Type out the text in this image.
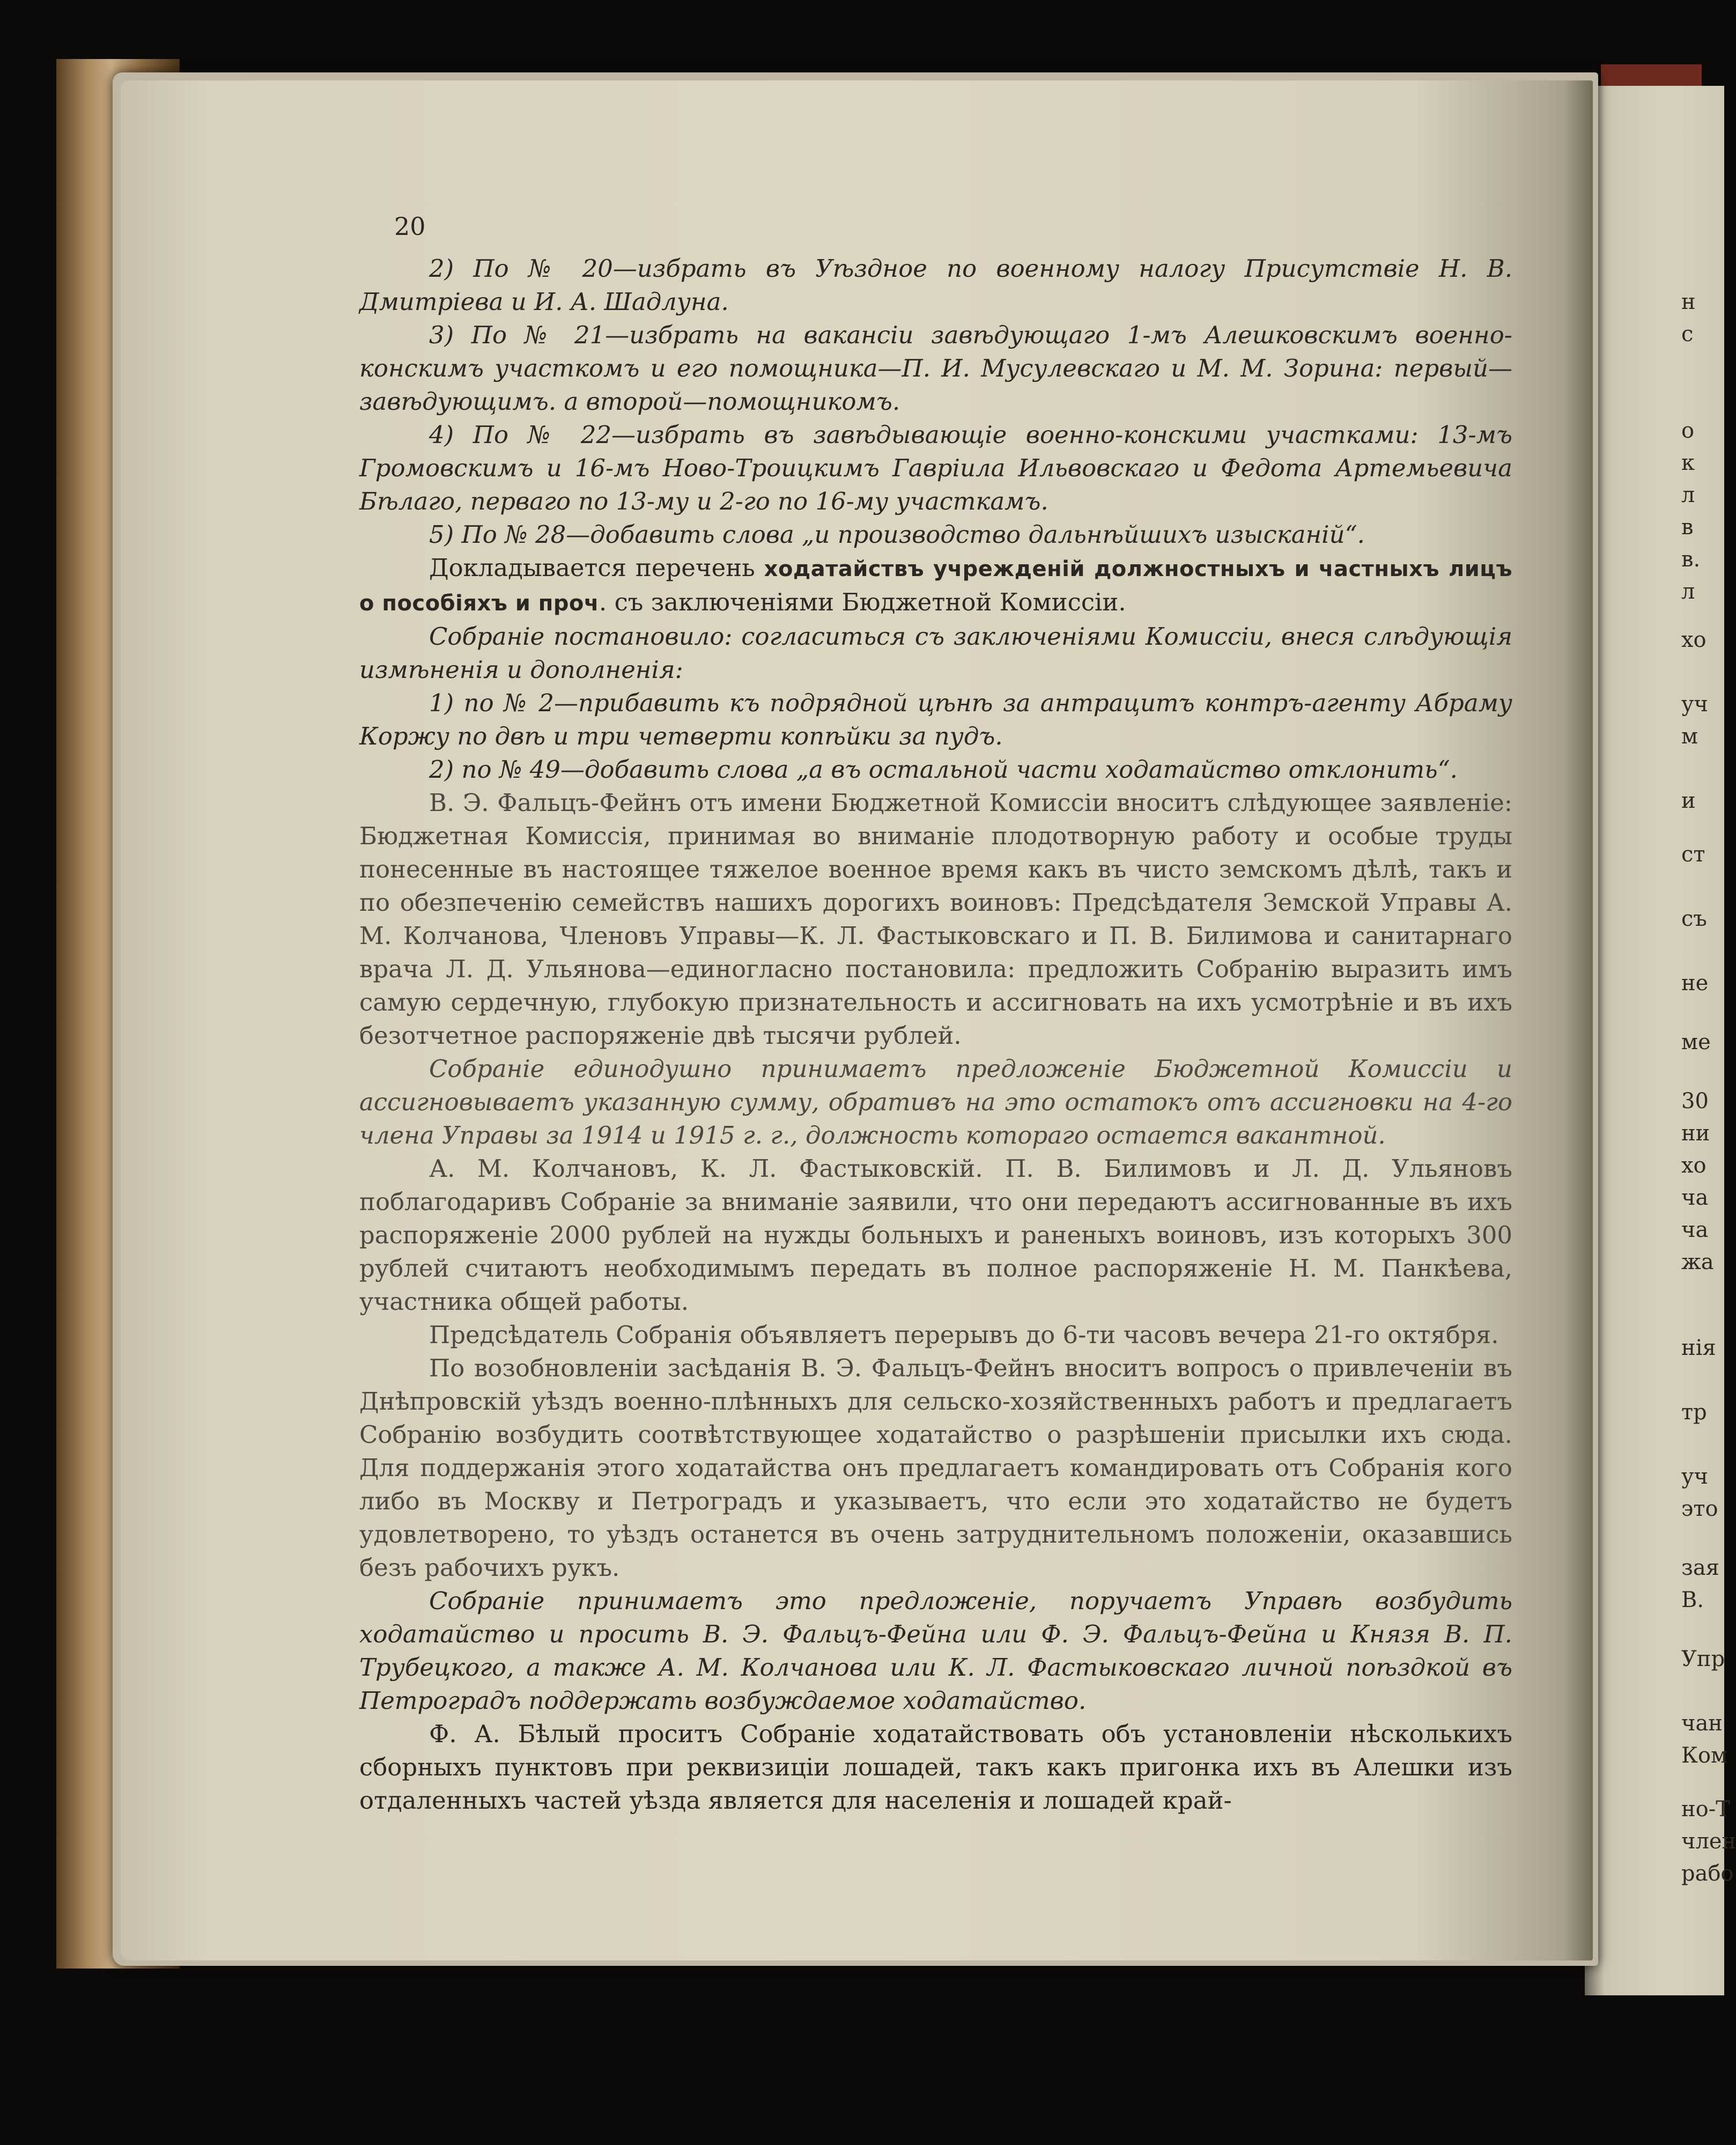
20

2) По № 20—избрать въ Уѣздное по военному налогу Присутствіе Н. В. Дмитріева и И. А. Шадлуна.

3) По № 21—избрать на вакансіи завѣдующаго 1-мъ Алешковскимъ военно-конскимъ участкомъ и его помощника—П. И. Мусулевскаго и М. М. Зорина: первый—завѣдующимъ. а второй—помощникомъ.

4) По № 22—избрать въ завѣдывающіе военно-конскими участками: 13-мъ Громовскимъ и 16-мъ Ново-Троицкимъ Гавріила Ильвовскаго и Федота Артемьевича Бѣлаго, перваго по 13-му и 2-го по 16-му участкамъ.

5) По № 28—добавить слова „и производство дальнѣйшихъ изысканій“.

Докладывается перечень ходатайствъ учрежденій должностныхъ и частныхъ лицъ о пособіяхъ и проч. съ заключеніями Бюджетной Комиссіи.

Собраніе постановило: согласиться съ заключеніями Комиссіи, внеся слѣдующія измѣненія и дополненія:

1) по № 2—прибавить къ подрядной цѣнѣ за антрацитъ контръ-агенту Абраму Коржу по двѣ и три четверти копѣйки за пудъ.

2) по № 49—добавить слова „а въ остальной части ходатайство отклонить“.

В. Э. Фальцъ-Фейнъ отъ имени Бюджетной Комиссіи вноситъ слѣдующее заявленіе: Бюджетная Комиссія, принимая во вниманіе плодотворную работу и особые труды понесенные въ настоящее тяжелое военное время какъ въ чисто земскомъ дѣлѣ, такъ и по обезпеченію семействъ нашихъ дорогихъ воиновъ: Предсѣдателя Земской Управы А. М. Колчанова, Членовъ Управы—К. Л. Фастыковскаго и П. В. Билимова и санитарнаго врача Л. Д. Ульянова—единогласно постановила: предложить Собранію выразить имъ самую сердечную, глубокую признательность и ассигновать на ихъ усмотрѣніе и въ ихъ безотчетное распоряженіе двѣ тысячи рублей.

Собраніе единодушно принимаетъ предложеніе Бюджетной Комиссіи и ассигновываетъ указанную сумму, обративъ на это остатокъ отъ ассигновки на 4-го члена Управы за 1914 и 1915 г. г., должность котораго остается вакантной.

А. М. Колчановъ, К. Л. Фастыковскій. П. В. Билимовъ и Л. Д. Ульяновъ поблагодаривъ Собраніе за вниманіе заявили, что они передаютъ ассигнованные въ ихъ распоряженіе 2000 рублей на нужды больныхъ и раненыхъ воиновъ, изъ которыхъ 300 рублей считаютъ необходимымъ передать въ полное распоряженіе Н. М. Панкѣева, участника общей работы.

Предсѣдатель Собранія объявляетъ перерывъ до 6-ти часовъ вечера 21-го октября.

По возобновленіи засѣданія В. Э. Фальцъ-Фейнъ вноситъ вопросъ о привлеченіи въ Днѣпровскій уѣздъ военно-плѣнныхъ для сельско-хозяйственныхъ работъ и предлагаетъ Собранію возбудить соотвѣтствующее ходатайство о разрѣшеніи присылки ихъ сюда. Для поддержанія этого ходатайства онъ предлагаетъ командировать отъ Собранія кого либо въ Москву и Петроградъ и указываетъ, что если это ходатайство не будетъ удовлетворено, то уѣздъ останется въ очень затруднительномъ положеніи, оказавшись безъ рабочихъ рукъ.

Собраніе принимаетъ это предложеніе, поручаетъ Управѣ возбудить ходатайство и просить В. Э. Фальцъ-Фейна или Ф. Э. Фальцъ-Фейна и Князя В. П. Трубецкого, а также А. М. Колчанова или К. Л. Фастыковскаго личной поѣздкой въ Петроградъ поддержать возбуждаемое ходатайство.

Ф. А. Бѣлый проситъ Собраніе ходатайствовать объ установленіи нѣсколькихъ сборныхъ пунктовъ при реквизиціи лошадей, такъ какъ пригонка ихъ въ Алешки изъ отдаленныхъ частей уѣзда является для населенія и лошадей край-

н
с
о
к
л
в
в.
л
хо
уч
м
и
ст
съ
не
ме
30
ни
хо
ча
ча
жа
нія
тр
уч
это
зая
В.
Упр
чан
Ком
но-Т
член
рабо
